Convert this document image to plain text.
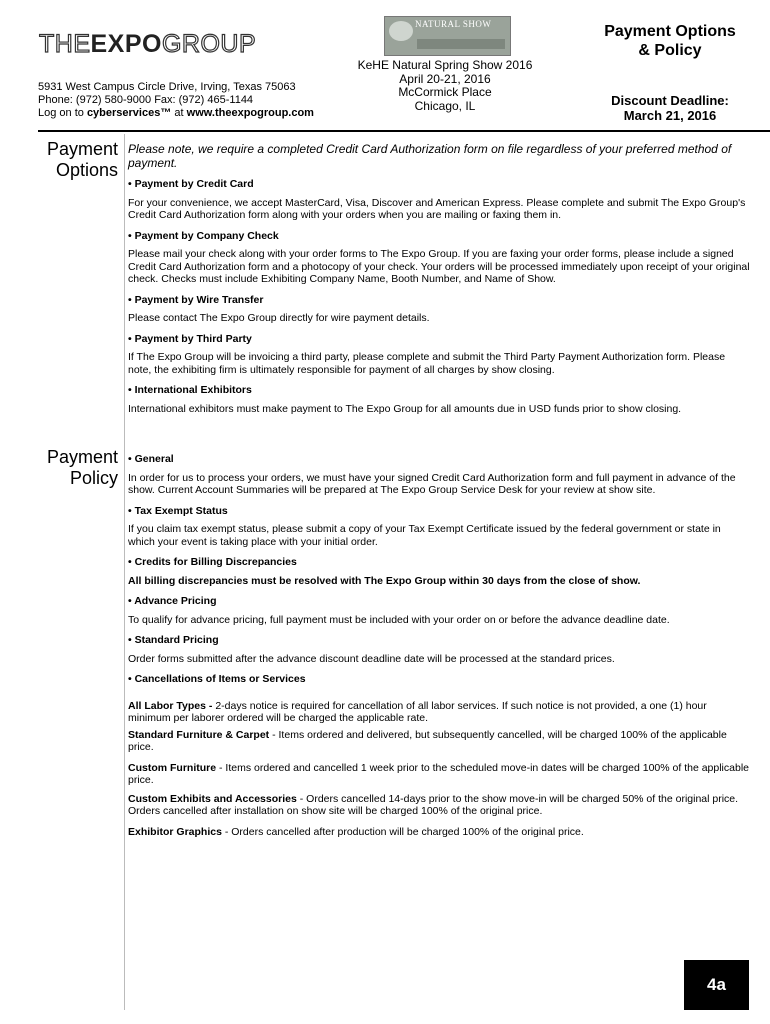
THEEXPOGROUP
5931 West Campus Circle Drive, Irving, Texas 75063
Phone: (972) 580-9000 Fax: (972) 465-1144
Log on to cyberservices™ at www.theexpogroup.com
NATURAL SHOW
KeHE Natural Spring Show 2016
April 20-21, 2016
McCormick Place
Chicago, IL
Payment Options
& Policy
Discount Deadline:
March 21, 2016
Payment
Options
Payment
Policy
Please note, we require a completed Credit Card Authorization form on file regardless of your preferred method of payment.
• Payment by Credit Card
For your convenience, we accept MasterCard, Visa, Discover and American Express. Please complete and submit The Expo Group's Credit Card Authorization form along with your orders when you are mailing or faxing them in.
• Payment by Company Check
Please mail your check along with your order forms to The Expo Group. If you are faxing your order forms, please include a signed Credit Card Authorization form and a photocopy of your check. Your orders will be processed immediately upon receipt of your original check. Checks must include Exhibiting Company Name, Booth Number, and Name of Show.
• Payment by Wire Transfer
Please contact The Expo Group directly for wire payment details.
• Payment by Third Party
If The Expo Group will be invoicing a third party, please complete and submit the Third Party Payment Authorization form. Please note, the exhibiting firm is ultimately responsible for payment of all charges by show closing.
• International Exhibitors
International exhibitors must make payment to The Expo Group for all amounts due in USD funds prior to show closing.
• General
In order for us to process your orders, we must have your signed Credit Card Authorization form and full payment in advance of the show. Current Account Summaries will be prepared at The Expo Group Service Desk for your review at show site.
• Tax Exempt Status
If you claim tax exempt status, please submit a copy of your Tax Exempt Certificate issued by the federal government or state in which your event is taking place with your initial order.
• Credits for Billing Discrepancies
All billing discrepancies must be resolved with The Expo Group within 30 days from the close of show.
• Advance Pricing
To qualify for advance pricing, full payment must be included with your order on or before the advance deadline date.
• Standard Pricing
Order forms submitted after the advance discount deadline date will be processed at the standard prices.
• Cancellations of Items or Services
All Labor Types - 2-days notice is required for cancellation of all labor services. If such notice is not provided, a one (1) hour minimum per laborer ordered will be charged the applicable rate.
Standard Furniture & Carpet - Items ordered and delivered, but subsequently cancelled, will be charged 100% of the applicable price.
Custom Furniture - Items ordered and cancelled 1 week prior to the scheduled move-in dates will be charged 100% of the applicable price.
Custom Exhibits and Accessories - Orders cancelled 14-days prior to the show move-in will be charged 50% of the original price. Orders cancelled after installation on show site will be charged 100% of the original price.
Exhibitor Graphics - Orders cancelled after production will be charged 100% of the original price.
4a
